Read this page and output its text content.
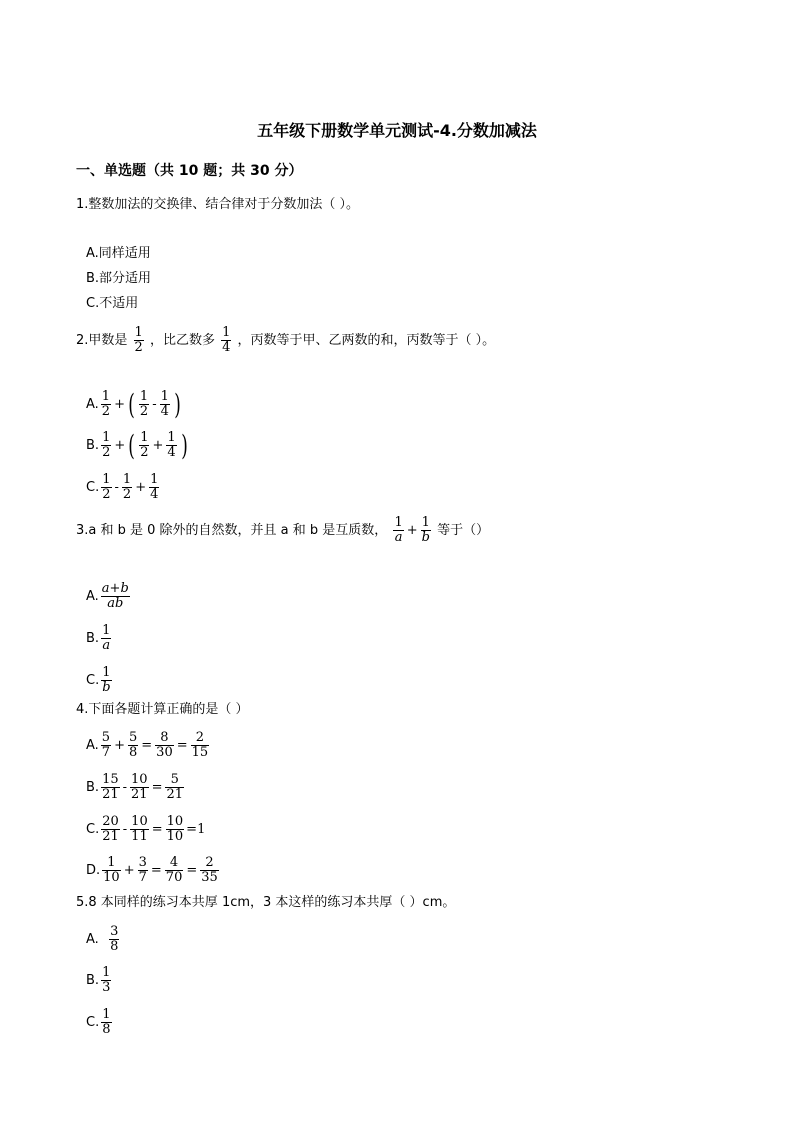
五年级下册数学单元测试-4.分数加减法
一、单选题（共 10 题；共 30 分）
1.整数加法的交换律、结合律对于分数加法（ ）。
A.同样适用
B.部分适用
C.不适用
2.甲数是 $\frac{1}{2}$ ，比乙数多 $\frac{1}{4}$ ，丙数等于甲、乙两数的和，丙数等于（ ）。
A. $\frac{1}{2}$ + ( $\frac{1}{2} - \frac{1}{4}$ )
B. $\frac{1}{2}$ + ( $\frac{1}{2} + \frac{1}{4}$ )
C. $\frac{1}{2} - \frac{1}{2} + \frac{1}{4}$
3.a 和 b 是 0 除外的自然数，并且 a 和 b 是互质数， $\frac{1}{a} + \frac{1}{b}$ 等于（）
A. $\frac{a+b}{ab}$
B. $\frac{1}{a}$
C. $\frac{1}{b}$
4.下面各题计算正确的是（ ）
A. $\frac{5}{7} + \frac{5}{8} = \frac{8}{30} = \frac{2}{15}$
B. $\frac{15}{21} - \frac{10}{21} = \frac{5}{21}$
C. $\frac{20}{21} - \frac{10}{11} = \frac{10}{10} =1$
D. $\frac{1}{10} + \frac{3}{7} = \frac{4}{70} = \frac{2}{35}$
5.8 本同样的练习本共厚 1cm，3 本这样的练习本共厚（ ）cm。
A. $\frac{3}{8}$
B. $\frac{1}{3}$
C. $\frac{1}{8}$
